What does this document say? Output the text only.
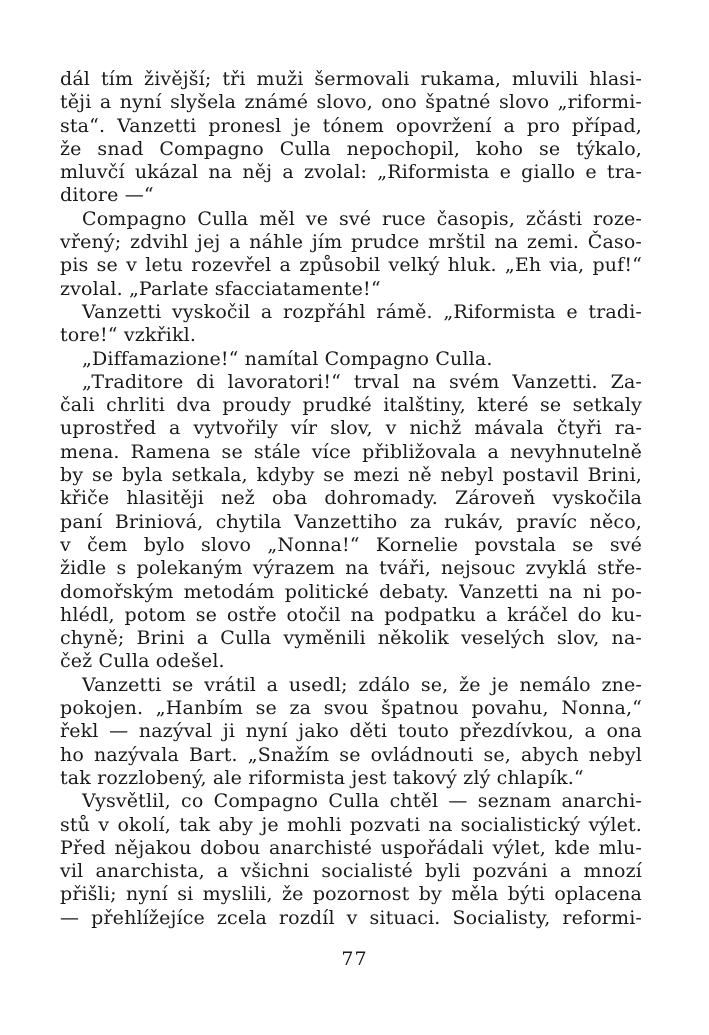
dál tím živější; tři muži šermovali rukama, mluvili hlasi-
těji a nyní slyšela známé slovo, ono špatné slovo „riformi-
sta“. Vanzetti pronesl je tónem opovržení a pro případ,
že snad Compagno Culla nepochopil, koho se týkalo,
mluvčí ukázal na něj a zvolal: „Riformista e giallo e tra-
ditore —“

Compagno Culla měl ve své ruce časopis, zčásti roze-
vřený; zdvihl jej a náhle jím prudce mrštil na zemi. Časo-
pis se v letu rozevřel a způsobil velký hluk. „Eh via, puf!“
zvolal. „Parlate sfacciatamente!“

Vanzetti vyskočil a rozpřáhl rámě. „Riformista e tradi-
tore!“ vzkřikl.

„Diffamazione!“ namítal Compagno Culla.

„Traditore di lavoratori!“ trval na svém Vanzetti. Za-
čali chrliti dva proudy prudké italštiny, které se setkaly
uprostřed a vytvořily vír slov, v nichž mávala čtyři ra-
mena. Ramena se stále více přibližovala a nevyhnutelně
by se byla setkala, kdyby se mezi ně nebyl postavil Brini,
křiče hlasitěji než oba dohromady. Zároveň vyskočila
paní Briniová, chytila Vanzettiho za rukáv, pravíc něco,
v čem bylo slovo „Nonna!“ Kornelie povstala se své
židle s polekaným výrazem na tváři, nejsouc zvyklá stře-
domořským metodám politické debaty. Vanzetti na ni po-
hlédl, potom se ostře otočil na podpatku a kráčel do ku-
chyně; Brini a Culla vyměnili několik veselých slov, na-
čež Culla odešel.

Vanzetti se vrátil a usedl; zdálo se, že je nemálo zne-
pokojen. „Hanbím se za svou špatnou povahu, Nonna,“
řekl — nazýval ji nyní jako děti touto přezdívkou, a ona
ho nazývala Bart. „Snažím se ovládnouti se, abych nebyl
tak rozzlobený, ale riformista jest takový zlý chlapík.“

Vysvětlil, co Compagno Culla chtěl — seznam anarchi-
stů v okolí, tak aby je mohli pozvati na socialistický výlet.
Před nějakou dobou anarchisté uspořádali výlet, kde mlu-
vil anarchista, a všichni socialisté byli pozváni a mnozí
přišli; nyní si myslili, že pozornost by měla býti oplacena
— přehlížejíce zcela rozdíl v situaci. Socialisty, reformi-

77
